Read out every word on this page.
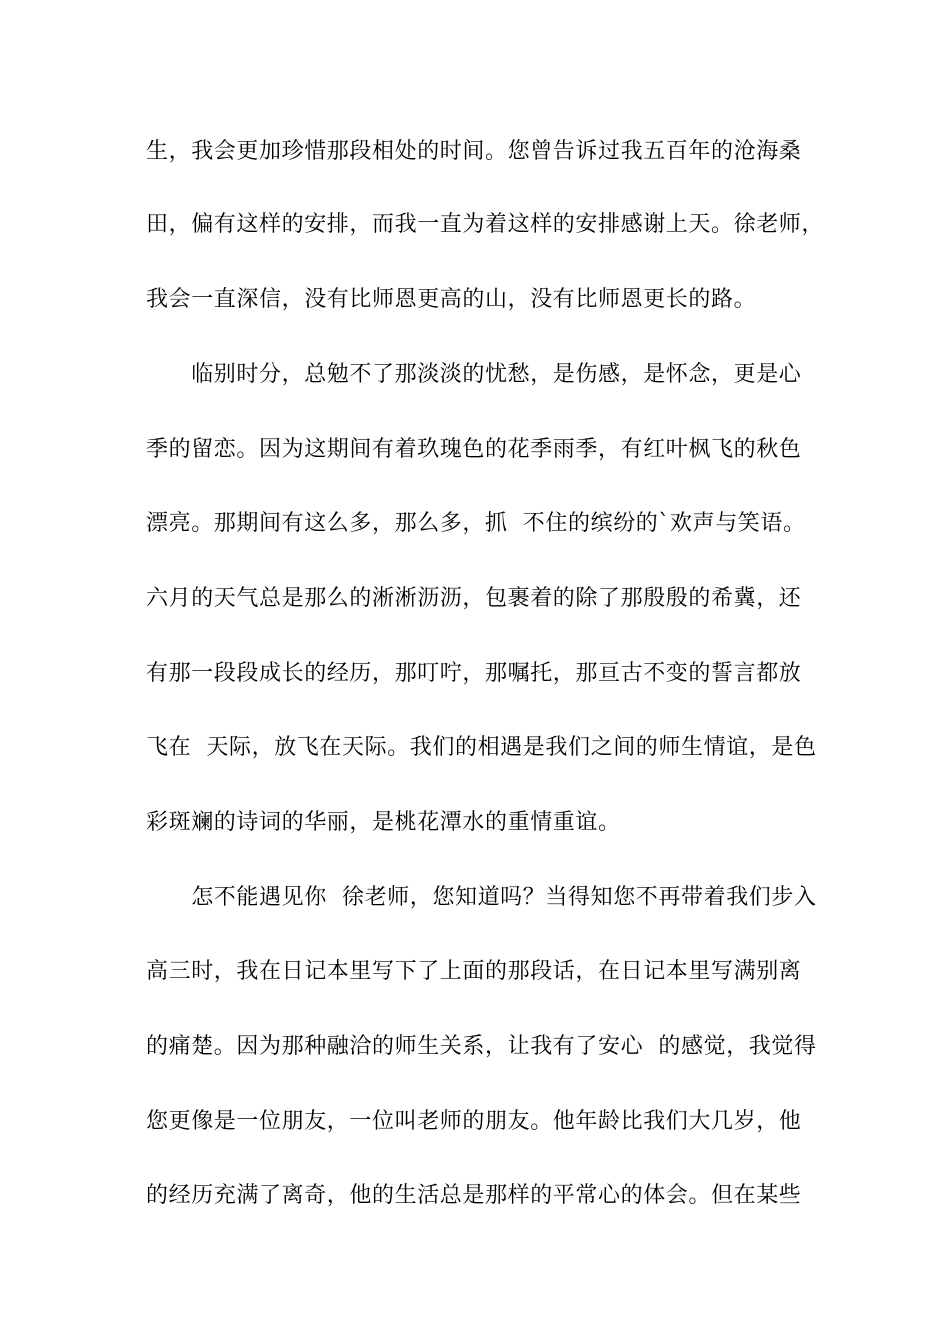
生，我会更加珍惜那段相处的时间。您曾告诉过我五百年的沧海桑
田，偏有这样的安排，而我一直为着这样的安排感谢上天。徐老师，
我会一直深信，没有比师恩更高的山，没有比师恩更长的路。
　　临别时分，总勉不了那淡淡的忧愁，是伤感，是怀念，更是心
季的留恋。因为这期间有着玖瑰色的花季雨季，有红叶枫飞的秋色
漂亮。那期间有这么多，那么多，抓  不住的缤纷的`欢声与笑语。
六月的天气总是那么的淅淅沥沥，包裹着的除了那殷殷的希冀，还
有那一段段成长的经历，那叮咛，那嘱托，那亘古不变的誓言都放
飞在  天际，放飞在天际。我们的相遇是我们之间的师生情谊，是色
彩斑斓的诗词的华丽，是桃花潭水的重情重谊。
　　怎不能遇见你  徐老师，您知道吗？当得知您不再带着我们步入
高三时，我在日记本里写下了上面的那段话，在日记本里写满别离
的痛楚。因为那种融洽的师生关系，让我有了安心  的感觉，我觉得
您更像是一位朋友，一位叫老师的朋友。他年龄比我们大几岁，他
的经历充满了离奇，他的生活总是那样的平常心的体会。但在某些
